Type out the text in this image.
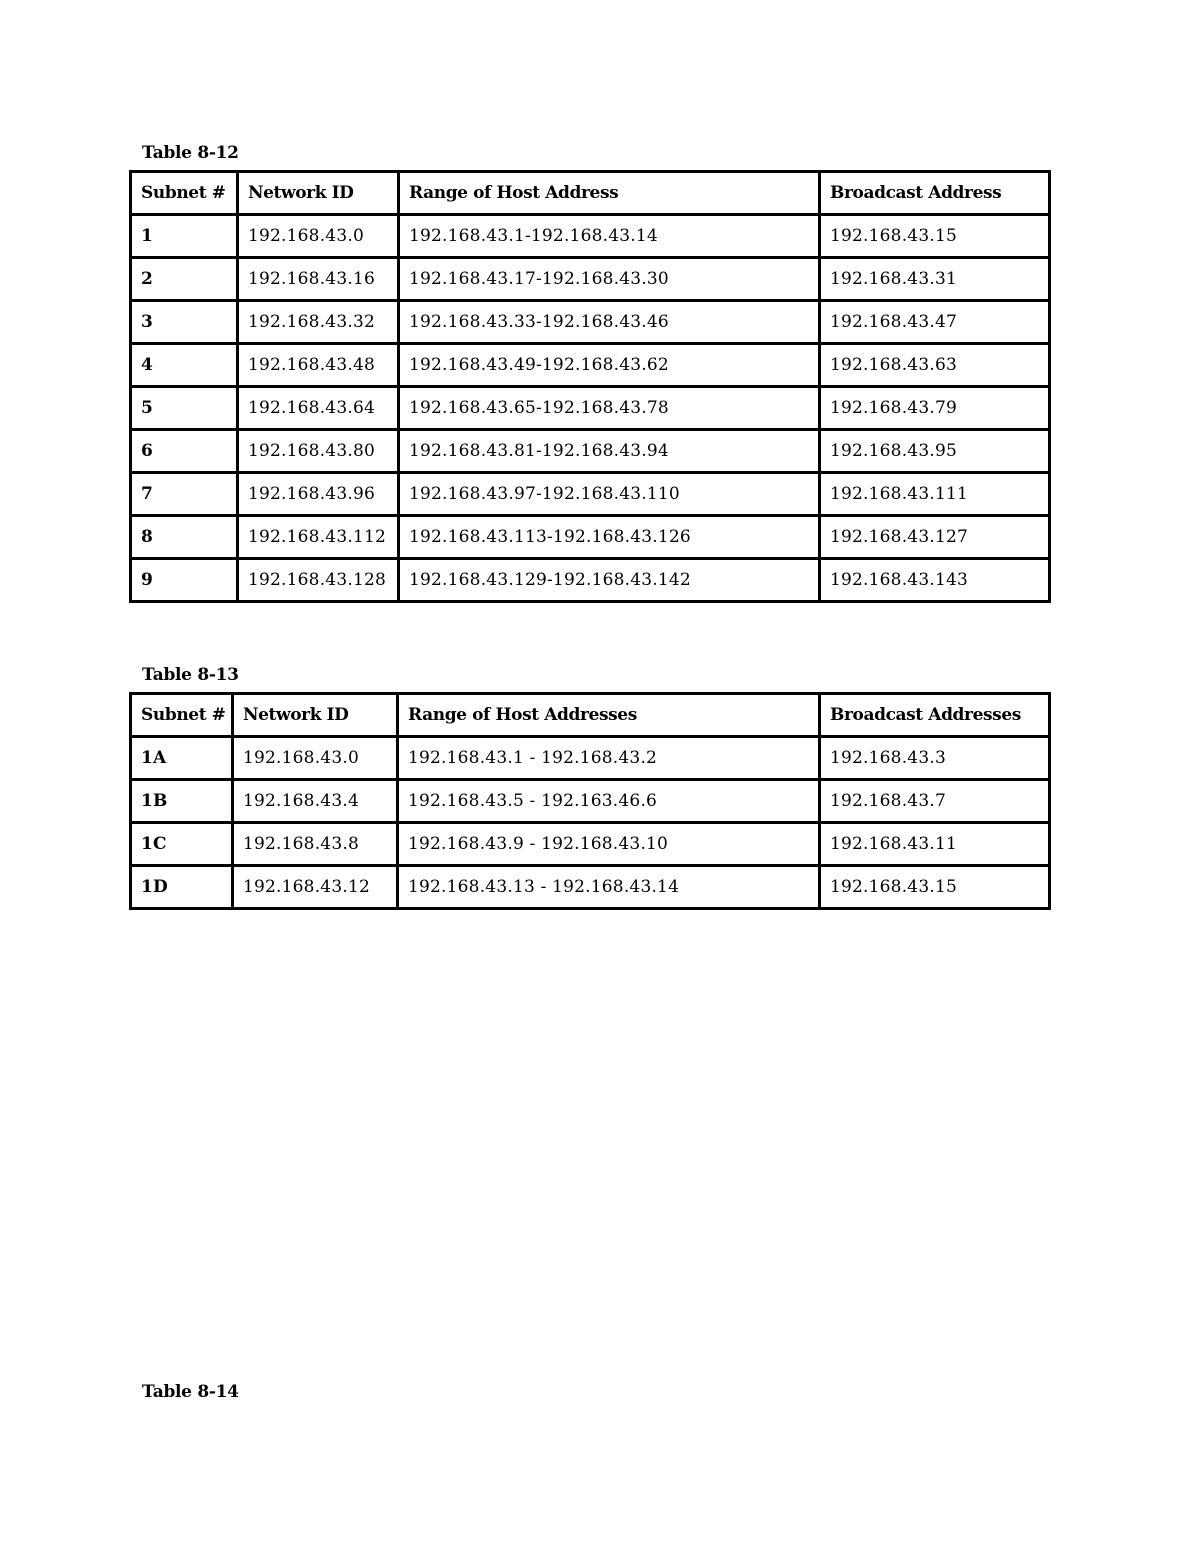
Table 8-12
Subnet #	Network ID	Range of Host Address	Broadcast Address
1	192.168.43.0	192.168.43.1-192.168.43.14	192.168.43.15
2	192.168.43.16	192.168.43.17-192.168.43.30	192.168.43.31
3	192.168.43.32	192.168.43.33-192.168.43.46	192.168.43.47
4	192.168.43.48	192.168.43.49-192.168.43.62	192.168.43.63
5	192.168.43.64	192.168.43.65-192.168.43.78	192.168.43.79
6	192.168.43.80	192.168.43.81-192.168.43.94	192.168.43.95
7	192.168.43.96	192.168.43.97-192.168.43.110	192.168.43.111
8	192.168.43.112	192.168.43.113-192.168.43.126	192.168.43.127
9	192.168.43.128	192.168.43.129-192.168.43.142	192.168.43.143
Table 8-13
Subnet #	Network ID	Range of Host Addresses	Broadcast Addresses
1A	192.168.43.0	192.168.43.1 - 192.168.43.2	192.168.43.3
1B	192.168.43.4	192.168.43.5 - 192.163.46.6	192.168.43.7
1C	192.168.43.8	192.168.43.9 - 192.168.43.10	192.168.43.11
1D	192.168.43.12	192.168.43.13 - 192.168.43.14	192.168.43.15
Table 8-14
